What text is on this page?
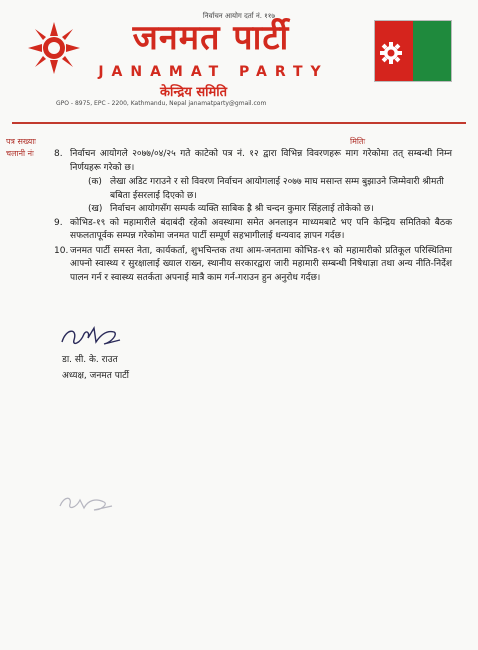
निर्वाचन आयोग दर्ता नं. ११७
जनमत पार्टी
JANAMAT PARTY
केन्द्रिय समिति
GPO - 8975, EPC - 2200, Kathmandu, Nepal janamatparty@gmail.com
पत्र सख्याः
चलानी नंः
मितिः
8. निर्वाचन आयोगले २०७७/०४/२५ गते काटेको पत्र नं. १२ द्वारा विभिन्न विवरणहरू माग गरेकोमा तत् सम्बन्धी निम्न निर्णयहरू गरेको छ।
(क) लेखा अडिट गराउने र सो विवरण निर्वाचन आयोगलाई २०७७ माघ मसान्त सम्म बुझाउने जिम्मेवारी श्रीमती बबिता ईसरलाई दिएको छ।
(ख) निर्वाचन आयोगसँग सम्पर्क व्यक्ति साबिक ह्रै श्री चन्दन कुमार सिंहलाई तोकेको छ।
9. कोभिड-१९ को महामारीले बंदाबंदी रहेको अवस्थामा समेत अनलाइन माध्यमबाटे भए पनि केन्द्रिय समितिको बैठक सफलतापूर्वक सम्पन्न गरेकोमा जनमत पार्टी सम्पूर्ण सहभागीलाई धन्यवाद ज्ञापन गर्दछ।
10. जनमत पार्टी समस्त नेता, कार्यकर्ता, शुभचिन्तक तथा आम-जनतामा कोभिड-१९ को महामारीको प्रतिकूल परिस्थितिमा आफ्नो स्वास्थ्य र सुरक्षालाई ख्याल राख्न, स्थानीय सरकारद्वारा जारी महामारी सम्बन्धी निषेधाज्ञा तथा अन्य नीति-निर्देश पालन गर्न र स्वास्थ्य सतर्कता अपनाई मात्रै काम गर्न-गराउन हुन अनुरोध गर्दछ।
डा. सी. के. राउत
अध्यक्ष, जनमत पार्टी
